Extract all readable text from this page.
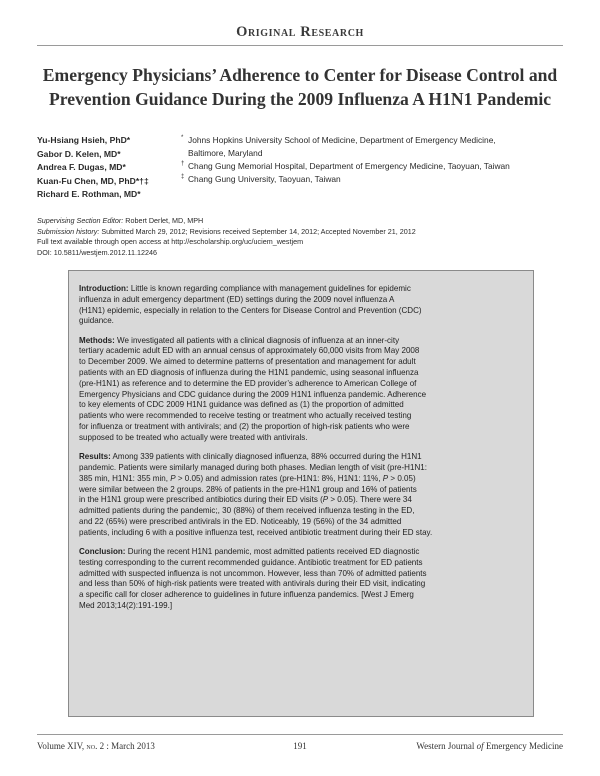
Original Research
Emergency Physicians’ Adherence to Center for Disease Control and
Prevention Guidance During the 2009 Influenza A H1N1 Pandemic
Yu-Hsiang Hsieh, PhD*
Gabor D. Kelen, MD*
Andrea F. Dugas, MD*
Kuan-Fu Chen, MD, PhD*†‡
Richard E. Rothman, MD*
* Johns Hopkins University School of Medicine, Department of Emergency Medicine,
Baltimore, Maryland
† Chang Gung Memorial Hospital, Department of Emergency Medicine, Taoyuan, Taiwan
‡ Chang Gung University, Taoyuan, Taiwan
Supervising Section Editor: Robert Derlet, MD, MPH
Submission history: Submitted March 29, 2012; Revisions received September 14, 2012; Accepted November 21, 2012
Full text available through open access at http://escholarship.org/uc/uciem_westjem
DOI: 10.5811/westjem.2012.11.12246
Introduction: Little is known regarding compliance with management guidelines for epidemic
influenza in adult emergency department (ED) settings during the 2009 novel influenza A
(H1N1) epidemic, especially in relation to the Centers for Disease Control and Prevention (CDC)
guidance.
Methods: We investigated all patients with a clinical diagnosis of influenza at an inner-city
tertiary academic adult ED with an annual census of approximately 60,000 visits from May 2008
to December 2009. We aimed to determine patterns of presentation and management for adult
patients with an ED diagnosis of influenza during the H1N1 pandemic, using seasonal influenza
(pre-H1N1) as reference and to determine the ED provider’s adherence to American College of
Emergency Physicians and CDC guidance during the 2009 H1N1 influenza pandemic. Adherence
to key elements of CDC 2009 H1N1 guidance was defined as (1) the proportion of admitted
patients who were recommended to receive testing or treatment who actually received testing
for influenza or treatment with antivirals; and (2) the proportion of high-risk patients who were
supposed to be treated who actually were treated with antivirals.
Results: Among 339 patients with clinically diagnosed influenza, 88% occurred during the H1N1
pandemic. Patients were similarly managed during both phases. Median length of visit (pre-H1N1:
385 min, H1N1: 355 min, P > 0.05) and admission rates (pre-H1N1: 8%, H1N1: 11%, P > 0.05)
were similar between the 2 groups. 28% of patients in the pre-H1N1 group and 16% of patients
in the H1N1 group were prescribed antibiotics during their ED visits (P > 0.05). There were 34
admitted patients during the pandemic;, 30 (88%) of them received influenza testing in the ED,
and 22 (65%) were prescribed antivirals in the ED. Noticeably, 19 (56%) of the 34 admitted
patients, including 6 with a positive influenza test, received antibiotic treatment during their ED stay.
Conclusion: During the recent H1N1 pandemic, most admitted patients received ED diagnostic
testing corresponding to the current recommended guidance. Antibiotic treatment for ED patients
admitted with suspected influenza is not uncommon. However, less than 70% of admitted patients
and less than 50% of high-risk patients were treated with antivirals during their ED visit, indicating
a specific call for closer adherence to guidelines in future influenza pandemics. [West J Emerg
Med 2013;14(2):191-199.]
Volume XIV, no. 2 : March 2013	191	Western Journal of Emergency Medicine
